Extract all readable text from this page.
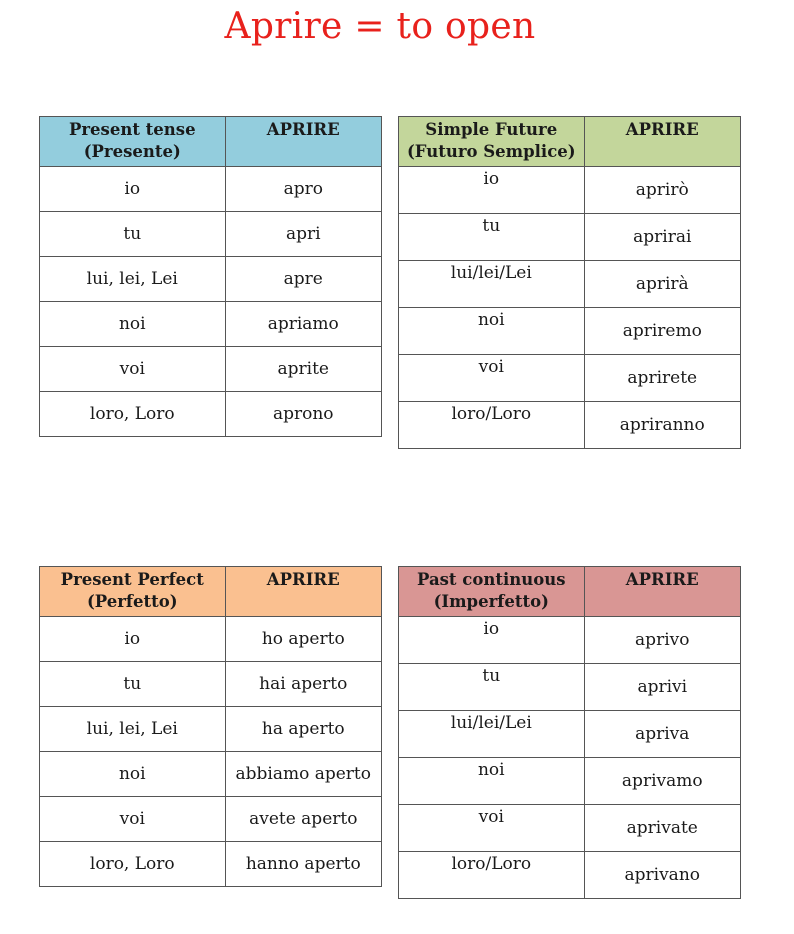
Aprire = to open
Present tense
(Presente)	APRIRE
io	apro
tu	apri
lui, lei, Lei	apre
noi	apriamo
voi	aprite
loro, Loro	aprono
Simple Future
(Futuro Semplice)	APRIRE
io	aprirò
tu	aprirai
lui/lei/Lei	aprirà
noi	apriremo
voi	aprirete
loro/Loro	apriranno
Present Perfect
(Perfetto)	APRIRE
io	ho aperto
tu	hai aperto
lui, lei, Lei	ha aperto
noi	abbiamo aperto
voi	avete aperto
loro, Loro	hanno aperto
Past continuous
(Imperfetto)	APRIRE
io	aprivo
tu	aprivi
lui/lei/Lei	apriva
noi	aprivamo
voi	aprivate
loro/Loro	aprivano
